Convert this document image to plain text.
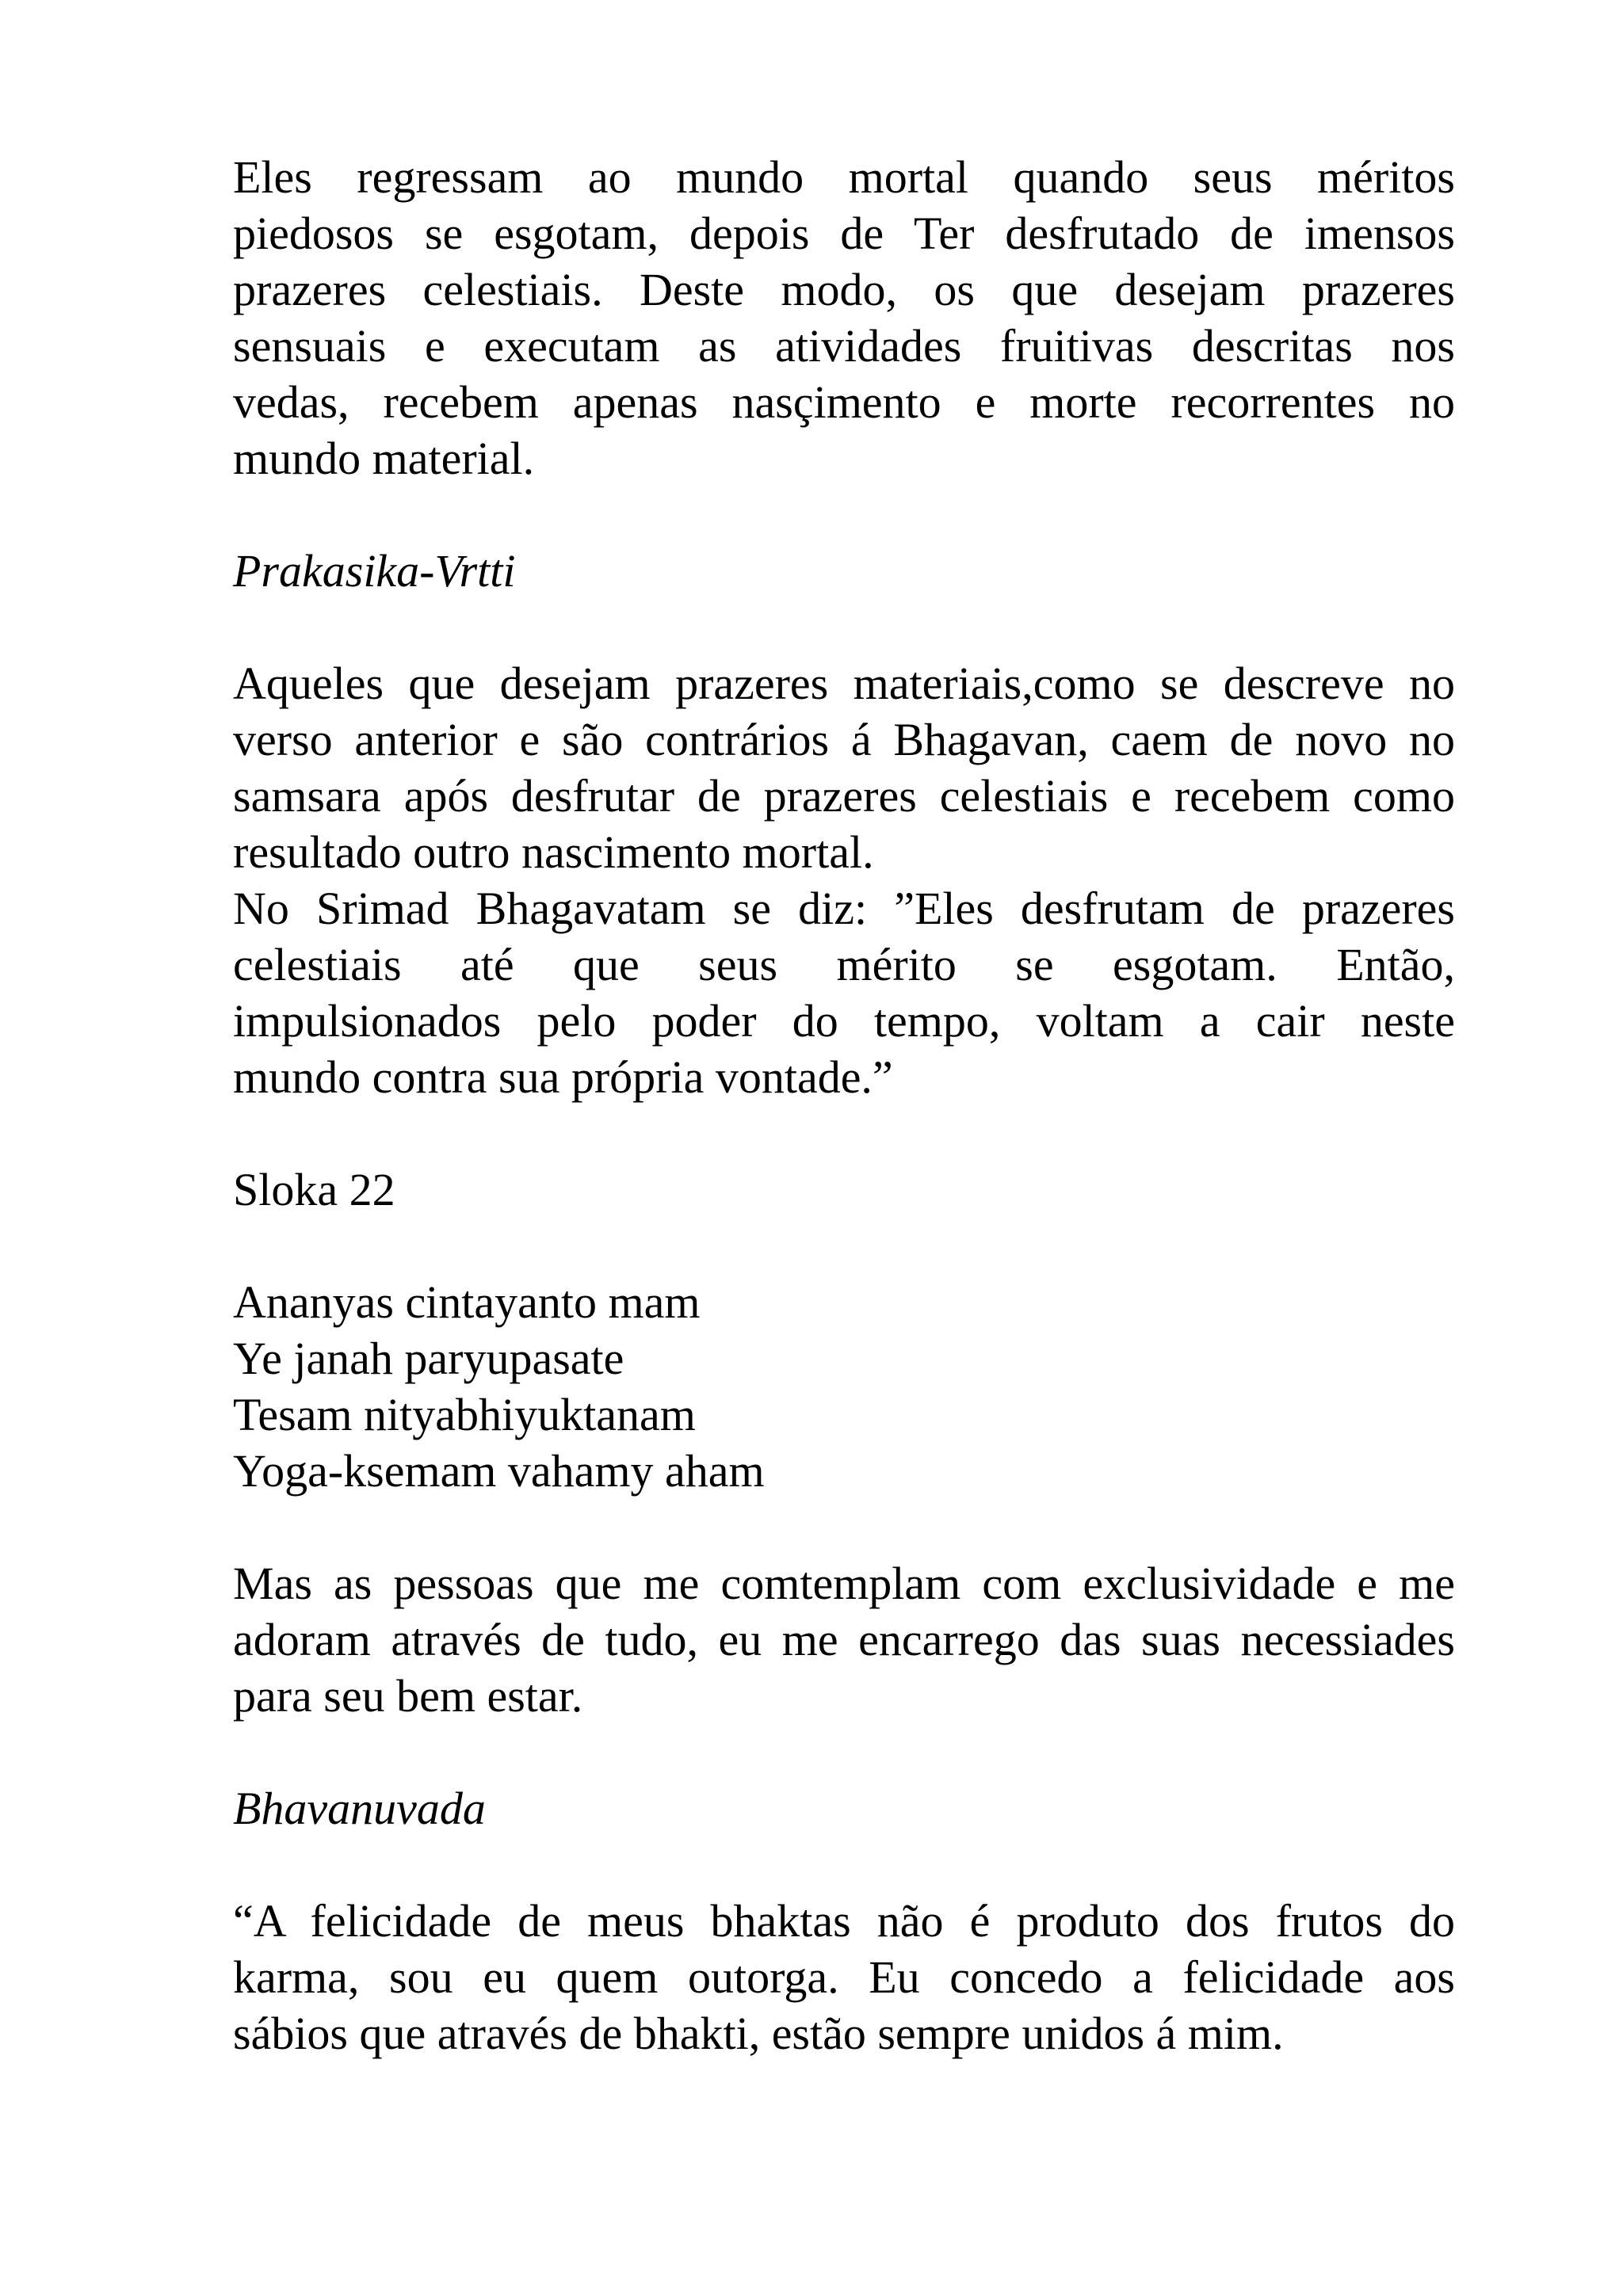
Eles regressam ao mundo mortal quando seus méritos
piedosos se esgotam, depois de Ter desfrutado de imensos
prazeres celestiais. Deste modo, os que desejam prazeres
sensuais e executam as atividades fruitivas descritas nos
vedas, recebem apenas nasçimento e morte recorrentes no
mundo material.
Prakasika-Vrtti
Aqueles que desejam prazeres materiais,como se descreve no
verso anterior e são contrários á Bhagavan, caem de novo no
samsara após desfrutar de prazeres celestiais e recebem como
resultado outro nascimento mortal.
No Srimad Bhagavatam se diz: ”Eles desfrutam de prazeres
celestiais até que seus mérito se esgotam. Então,
impulsionados pelo poder do tempo, voltam a cair neste
mundo contra sua própria vontade.”
Sloka 22
Ananyas cintayanto mam
Ye janah paryupasate
Tesam nityabhiyuktanam
Yoga-ksemam vahamy aham
Mas as pessoas que me comtemplam com exclusividade e me
adoram através de tudo, eu me encarrego das suas necessiades
para seu bem estar.
Bhavanuvada
“A felicidade de meus bhaktas não é produto dos frutos do
karma, sou eu quem outorga. Eu concedo a felicidade aos
sábios que através de bhakti, estão sempre unidos á mim.
